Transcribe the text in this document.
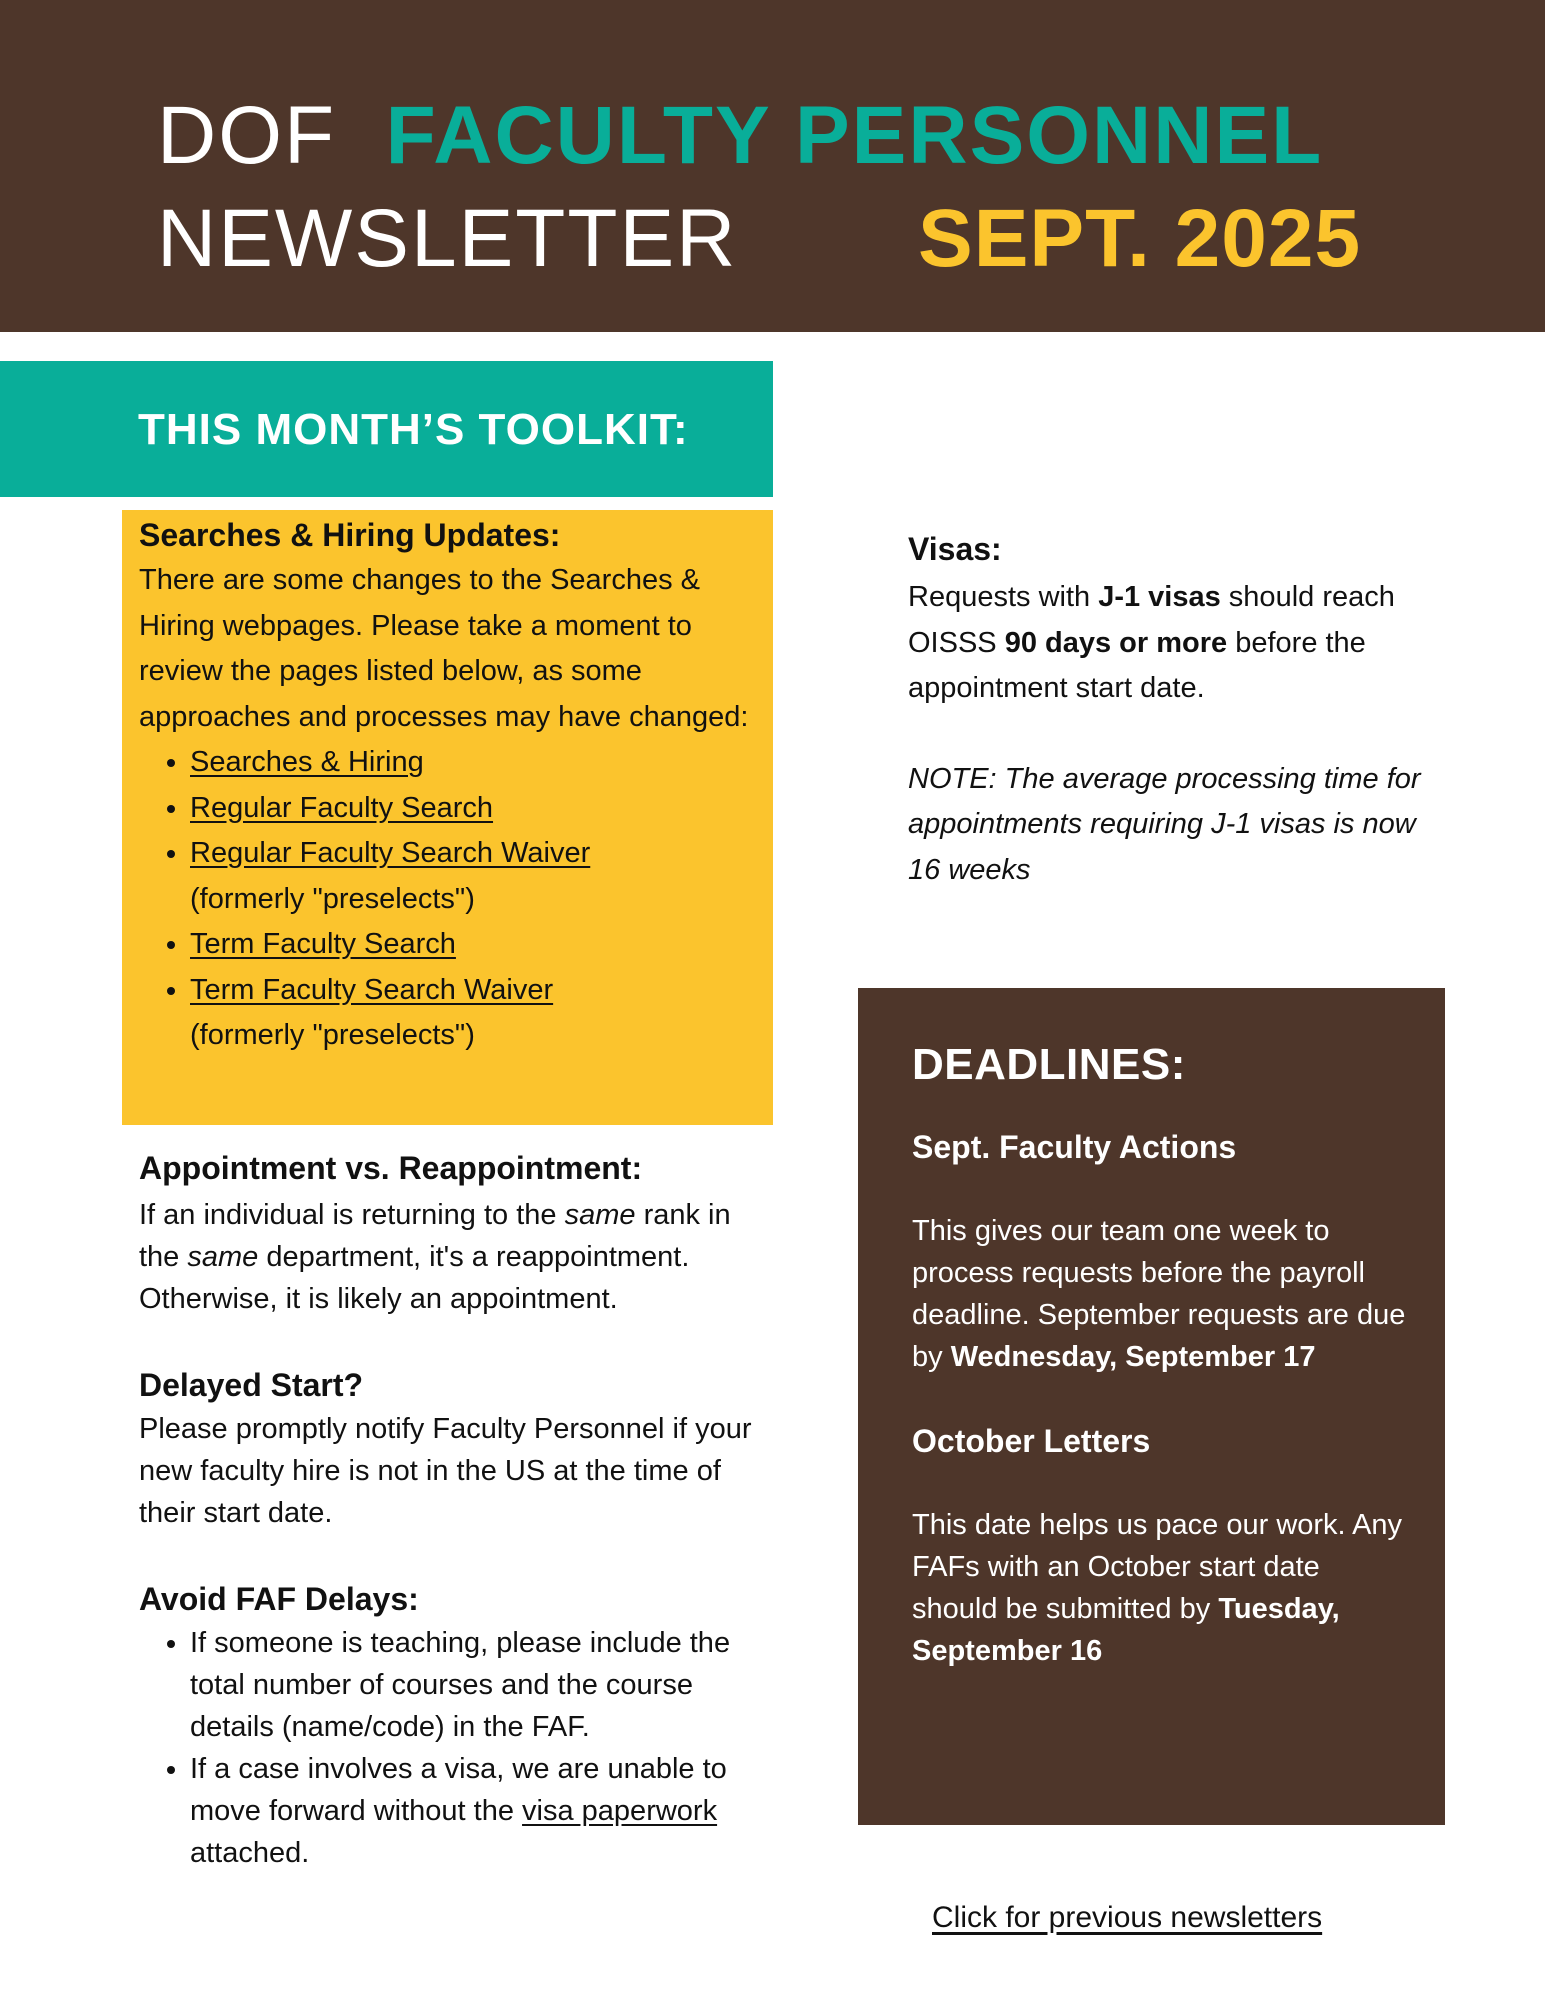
DOF FACULTY PERSONNEL
NEWSLETTER SEPT. 2025
THIS MONTH’S TOOLKIT:

Searches & Hiring Updates:

There are some changes to the Searches & Hiring webpages. Please take a moment to review the pages listed below, as some approaches and processes may have changed:

• Searches & Hiring
• Regular Faculty Search
• Regular Faculty Search Waiver
(formerly "preselects")
• Term Faculty Search
• Term Faculty Search Waiver
(formerly "preselects")

Appointment vs. Reappointment:

If an individual is returning to the same rank in the same department, it's a reappointment. Otherwise, it is likely an appointment.

Delayed Start?

Please promptly notify Faculty Personnel if your new faculty hire is not in the US at the time of their start date.

Avoid FAF Delays:

• If someone is teaching, please include the total number of courses and the course details (name/code) in the FAF.
• If a case involves a visa, we are unable to move forward without the visa paperwork attached.

Visas:

Requests with J-1 visas should reach OISSS 90 days or more before the appointment start date.

NOTE: The average processing time for appointments requiring J-1 visas is now 16 weeks

DEADLINES:

Sept. Faculty Actions

This gives our team one week to process requests before the payroll deadline. September requests are due by Wednesday, September 17

October Letters

This date helps us pace our work. Any FAFs with an October start date should be submitted by Tuesday, September 16

Click for previous newsletters
